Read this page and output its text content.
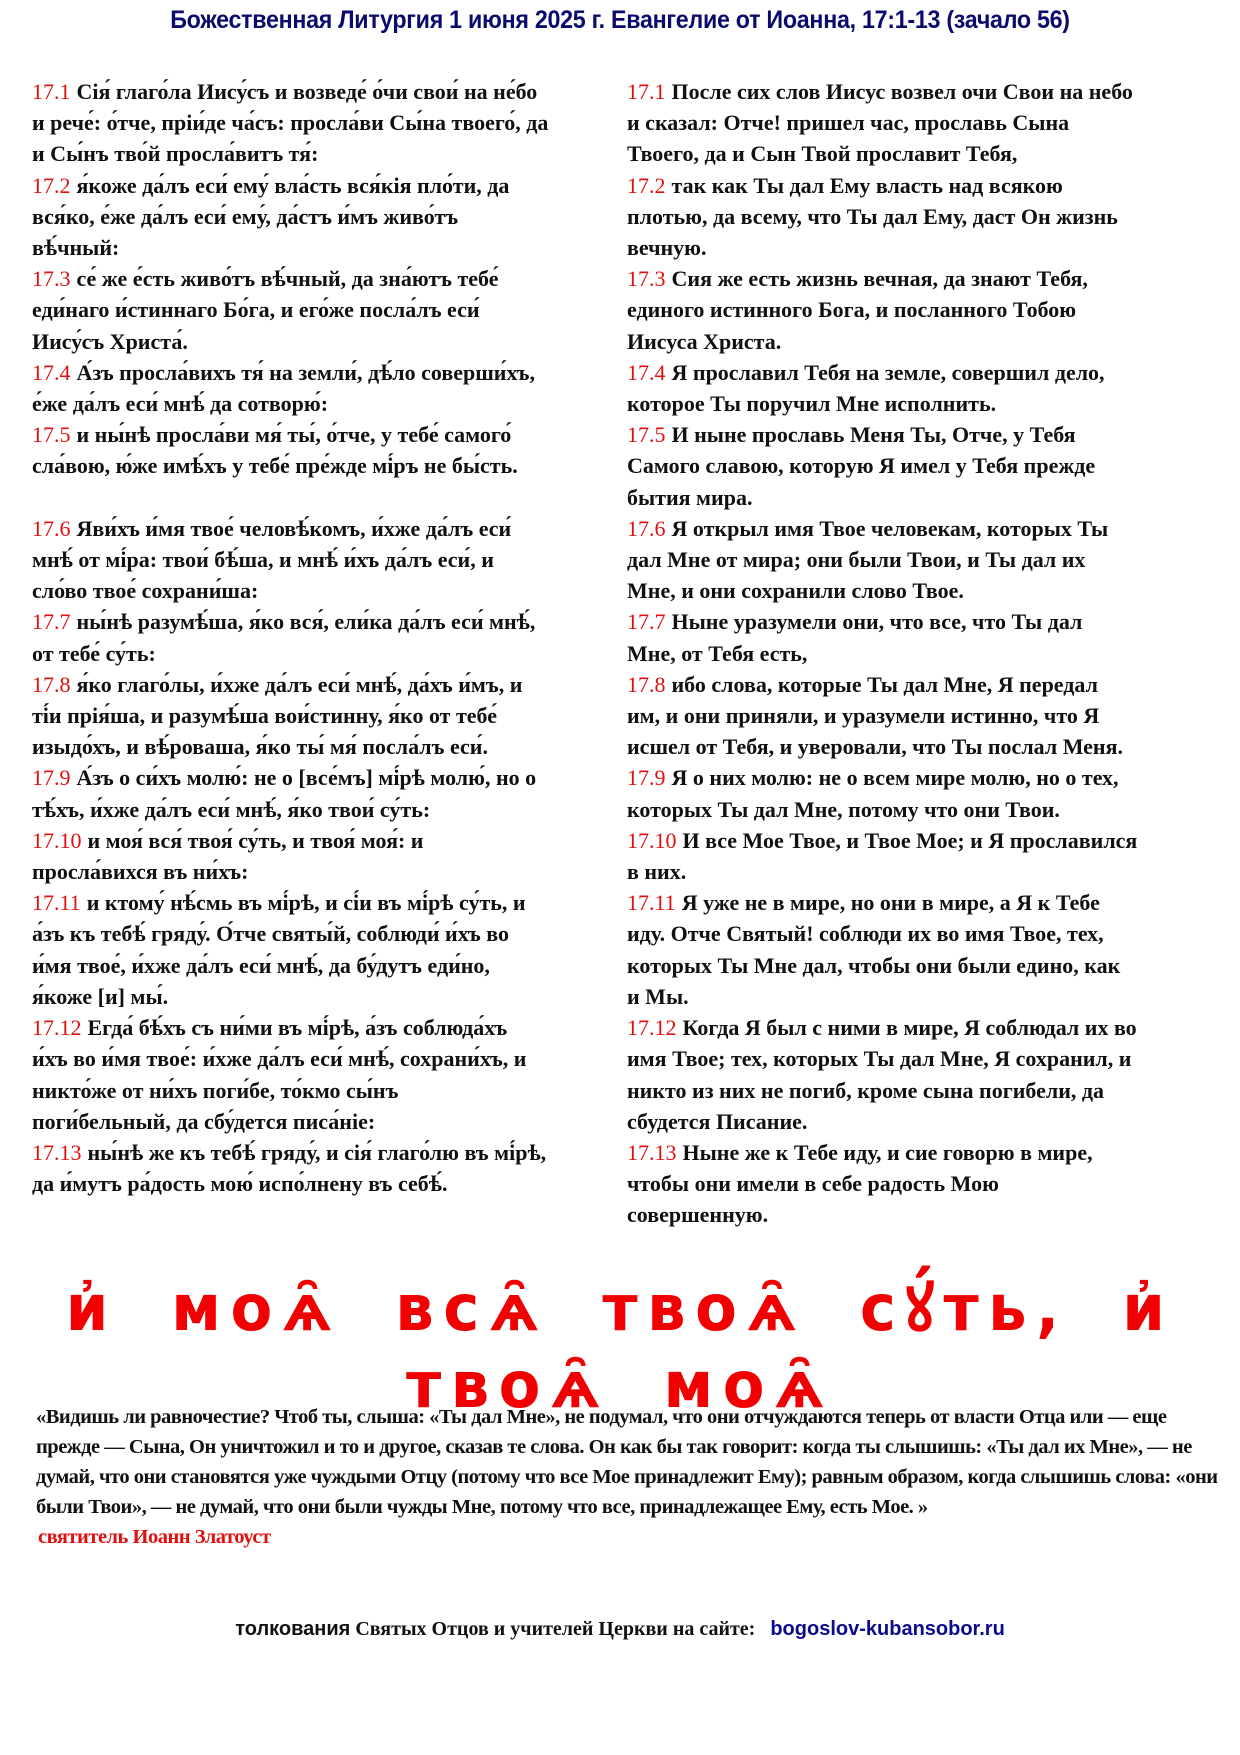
Божественная Литургия 1 июня 2025 г. Евангелие от Иоанна, 17:1-13 (зачало 56)
17.1 Сія́ глаго́ла Иису́съ и возведе́ о́чи свои́ на не́бо
и рече́: о́тче, пріи́де ча́съ: просла́ви Сы́на твоего́, да
и Сы́нъ тво́й просла́витъ тя́:
17.1 После сих слов Иисус возвел очи Свои на небо
и сказал: Отче! пришел час, прославь Сына
Твоего, да и Сын Твой прославит Тебя,
17.2 я́коже да́лъ еси́ ему́ вла́сть вся́кія пло́ти, да
вся́ко, е́же да́лъ еси́ ему́, да́стъ и́мъ живо́тъ
вѣ́чный:
17.2 так как Ты дал Ему власть над всякою
плотью, да всему, что Ты дал Ему, даст Он жизнь
вечную.
17.3 се́ же е́сть живо́тъ вѣ́чный, да зна́ютъ тебе́
еди́наго и́стиннаго Бо́га, и его́же посла́лъ еси́
Иису́съ Христа́.
17.3 Сия же есть жизнь вечная, да знают Тебя,
единого истинного Бога, и посланного Тобою
Иисуса Христа.
17.4 А́зъ просла́вихъ тя́ на земли́, дѣ́ло соверши́хъ,
е́же да́лъ еси́ мнѣ́ да сотворю́:
17.4 Я прославил Тебя на земле, совершил дело,
которое Ты поручил Мне исполнить.
17.5 и ны́нѣ просла́ви мя́ ты́, о́тче, у тебе́ самого́
сла́вою, ю́же имѣ́хъ у тебе́ пре́жде мі́ръ не бы́сть.
17.5 И ныне прославь Меня Ты, Отче, у Тебя
Самого славою, которую Я имел у Тебя прежде
бытия мира.
17.6 Яви́хъ и́мя твое́ человѣ́комъ, и́хже да́лъ еси́
мнѣ́ от мі́ра: твои́ бѣ́ша, и мнѣ́ и́хъ да́лъ еси́, и
сло́во твое́ сохрани́ша:
17.6 Я открыл имя Твое человекам, которых Ты
дал Мне от мира; они были Твои, и Ты дал их
Мне, и они сохранили слово Твое.
17.7 ны́нѣ разумѣ́ша, я́ко вся́, ели́ка да́лъ еси́ мнѣ́,
от тебе́ су́ть:
17.7 Ныне уразумели они, что все, что Ты дал
Мне, от Тебя есть,
17.8 я́ко глаго́лы, и́хже да́лъ еси́ мнѣ́, да́хъ и́мъ, и
ті́и прія́ша, и разумѣ́ша вои́стинну, я́ко от тебе́
изыдо́хъ, и вѣ́роваша, я́ко ты́ мя́ посла́лъ еси́.
17.8 ибо слова, которые Ты дал Мне, Я передал
им, и они приняли, и уразумели истинно, что Я
исшел от Тебя, и уверовали, что Ты послал Меня.
17.9 А́зъ о си́хъ молю́: не о [все́мъ] мі́рѣ молю́, но о
тѣ́хъ, и́хже да́лъ еси́ мнѣ́, я́ко твои́ су́ть:
17.9 Я о них молю: не о всем мире молю, но о тех,
которых Ты дал Мне, потому что они Твои.
17.10 и моя́ вся́ твоя́ су́ть, и твоя́ моя́: и
просла́вихся въ ни́хъ:
17.10 И все Мое Твое, и Твое Мое; и Я прославился
в них.
17.11 и ктому́ нѣ́смь въ мі́рѣ, и сі́и въ мі́рѣ су́ть, и
а́зъ къ тебѣ́ гряду́. О́тче святы́й, соблюди́ и́хъ во
и́мя твое́, и́хже да́лъ еси́ мнѣ́, да бу́дутъ еди́но,
я́коже [и] мы́.
17.11 Я уже не в мире, но они в мире, а Я к Тебе
иду. Отче Святый! соблюди их во имя Твое, тех,
которых Ты Мне дал, чтобы они были едино, как
и Мы.
17.12 Егда́ бѣ́хъ съ ни́ми въ мі́рѣ, а́зъ соблюда́хъ
и́хъ во и́мя твое́: и́хже да́лъ еси́ мнѣ́, сохрани́хъ, и
никто́же от ни́хъ поги́бе, то́кмо сы́нъ
поги́бельный, да сбу́дется писа́ніе:
17.12 Когда Я был с ними в мире, Я соблюдал их во
имя Твое; тех, которых Ты дал Мне, Я сохранил, и
никто из них не погиб, кроме сына погибели, да
сбудется Писание.
17.13 ны́нѣ же къ тебѣ́ гряду́, и сія́ глаго́лю въ мі́рѣ,
да и́мутъ ра́дость мою́ испо́лнену въ себѣ́.
17.13 Ныне же к Тебе иду, и сие говорю в мире,
чтобы они имели в себе радость Мою
совершенную.
и҆ моѧ̑ всѧ̑ твоѧ̑ сꙋ́ть, и҆ твоѧ̑ моѧ̑
«Видишь ли равночестие? Чтоб ты, слыша: «Ты дал Мне», не подумал, что они отчуждаются теперь от власти Отца или — еще прежде — Сына, Он уничтожил и то и другое, сказав те слова. Он как бы так говорит: когда ты слышишь: «Ты дал их Мне», — не думай, что они становятся уже чуждыми Отцу (потому что все Мое принадлежит Ему); равным образом, когда слышишь слова: «они были Твои», — не думай, что они были чужды Мне, потому что все, принадлежащее Ему, есть Мое. »
святитель Иоанн Златоуст
толкования Святых Отцов и учителей Церкви на сайте: bogoslov-kubansobor.ru
